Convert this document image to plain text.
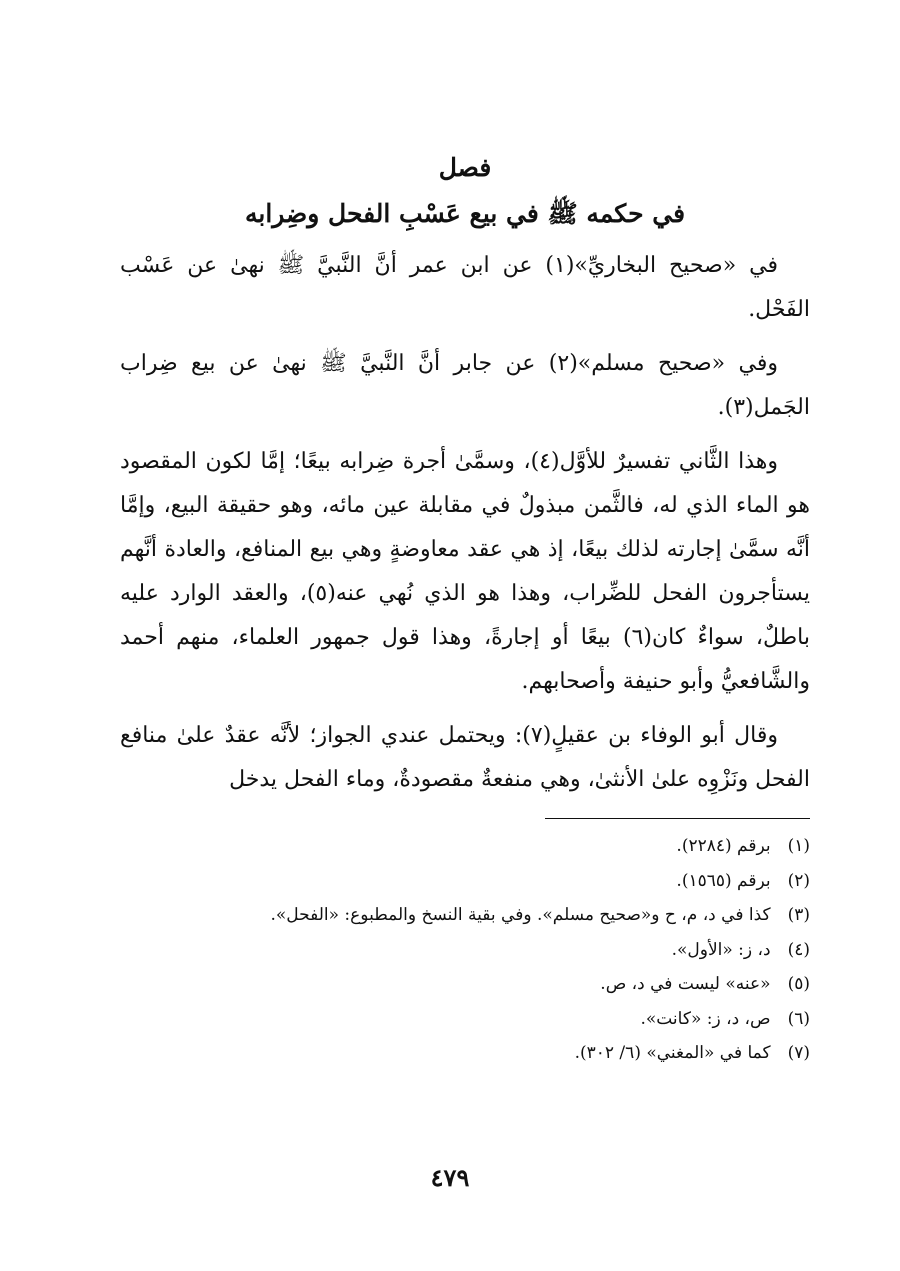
فصل
في حكمه ﷺ في بيع عَسْبِ الفحل وضِرابه

في «صحيح البخاريِّ»(١) عن ابن عمر أنَّ النَّبيَّ ﷺ نهىٰ عن عَسْب الفَحْل.

وفي «صحيح مسلم»(٢) عن جابر أنَّ النَّبيَّ ﷺ نهىٰ عن بيع ضِراب الجَمل(٣).

وهذا الثَّاني تفسيرٌ للأوَّل(٤)، وسمَّىٰ أجرة ضِرابه بيعًا؛ إمَّا لكون المقصود هو الماء الذي له، فالثَّمن مبذولٌ في مقابلة عين مائه، وهو حقيقة البيع، وإمَّا أنَّه سمَّىٰ إجارته لذلك بيعًا، إذ هي عقد معاوضةٍ وهي بيع المنافع، والعادة أنَّهم يستأجرون الفحل للضِّراب، وهذا هو الذي نُهي عنه(٥)، والعقد الوارد عليه باطلٌ، سواءٌ كان(٦) بيعًا أو إجارةً، وهذا قول جمهور العلماء، منهم أحمد والشَّافعيُّ وأبو حنيفة وأصحابهم.

وقال أبو الوفاء بن عقيلٍ(٧): ويحتمل عندي الجواز؛ لأنَّه عقدٌ علىٰ منافع الفحل ونَزْوِه علىٰ الأنثىٰ، وهي منفعةٌ مقصودةٌ، وماء الفحل يدخل

(١) برقم (٢٢٨٤).
(٢) برقم (١٥٦٥).
(٣) كذا في د، م، ح و«صحيح مسلم». وفي بقية النسخ والمطبوع: «الفحل».
(٤) د، ز: «الأول».
(٥) «عنه» ليست في د، ص.
(٦) ص، د، ز: «كانت».
(٧) كما في «المغني» (٦/ ٣٠٢).
٤٧٩
